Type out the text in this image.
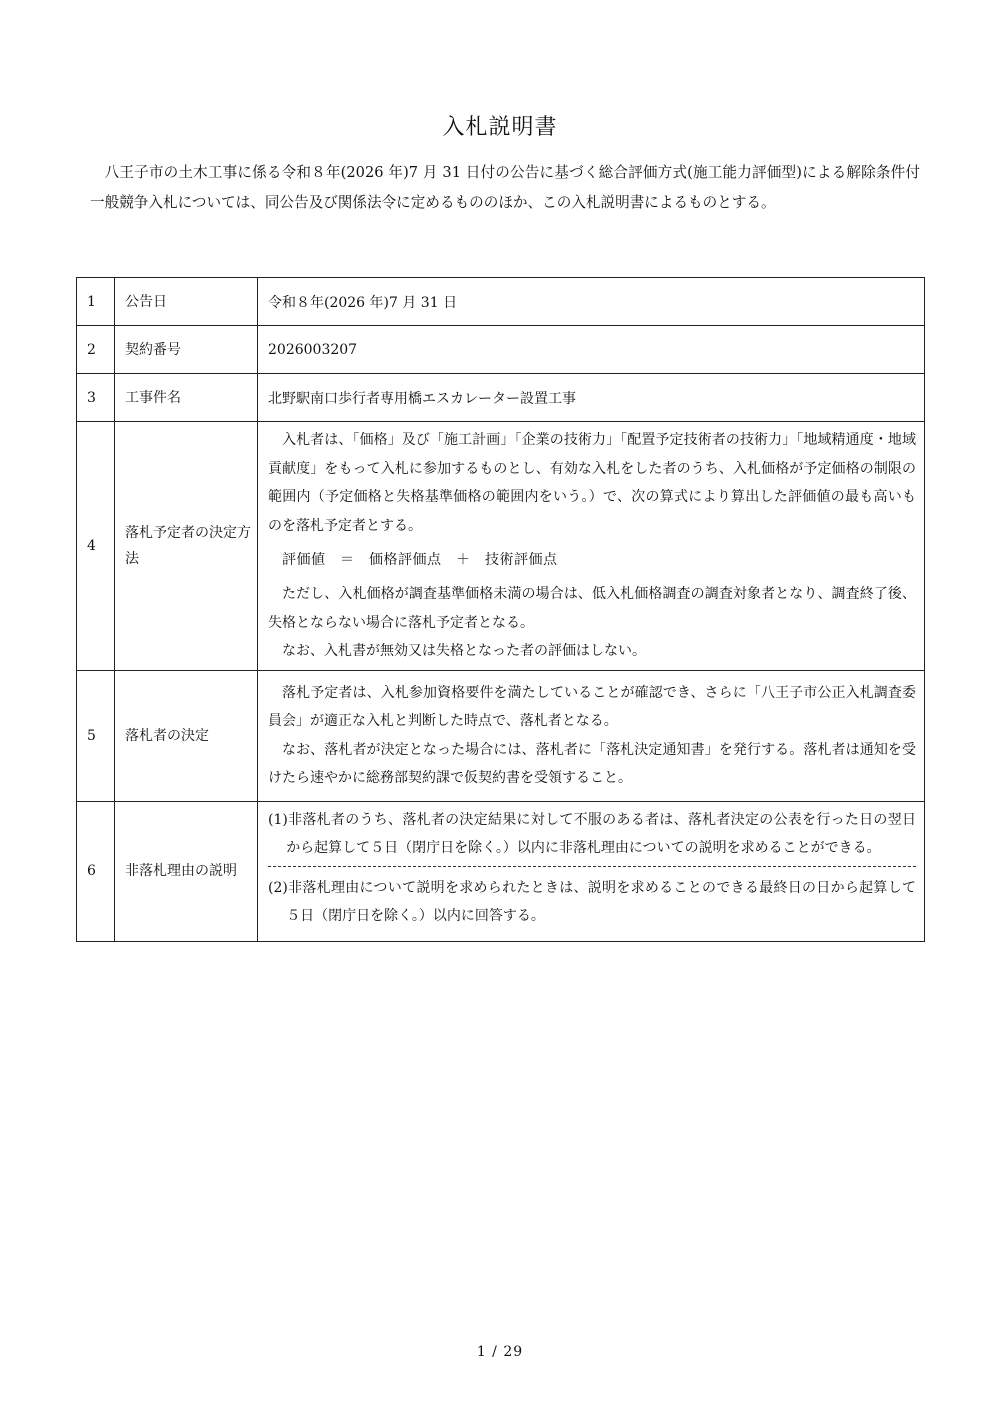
入札説明書
八王子市の土木工事に係る令和８年(2026 年)7 月 31 日付の公告に基づく総合評価方式(施工能力評価型)による解除条件付一般競争入札については、同公告及び関係法令に定めるもののほか、この入札説明書によるものとする。
1	公告日	令和８年(2026 年)7 月 31 日
2	契約番号	2026003207
3	工事件名	北野駅南口歩行者専用橋エスカレーター設置工事
4	落札予定者の決定方法	入札者は、「価格」及び「施工計画」「企業の技術力」「配置予定技術者の技術力」「地域精通度・地域貢献度」をもって入札に参加するものとし、有効な入札をした者のうち、入札価格が予定価格の制限の範囲内（予定価格と失格基準価格の範囲内をいう。）で、次の算式により算出した評価値の最も高いものを落札予定者とする。
評価値　＝　価格評価点　＋　技術評価点
ただし、入札価格が調査基準価格未満の場合は、低入札価格調査の調査対象者となり、調査終了後、失格とならない場合に落札予定者となる。
なお、入札書が無効又は失格となった者の評価はしない。

5	落札者の決定	落札予定者は、入札参加資格要件を満たしていることが確認でき、さらに「八王子市公正入札調査委員会」が適正な入札と判断した時点で、落札者となる。
なお、落札者が決定となった場合には、落札者に「落札決定通知書」を発行する。落札者は通知を受けたら速やかに総務部契約課で仮契約書を受領すること。

6	非落札理由の説明	(1)非落札者のうち、落札者の決定結果に対して不服のある者は、落札者決定の公表を行った日の翌日から起算して５日（閉庁日を除く。）以内に非落札理由についての説明を求めることができる。
(2)非落札理由について説明を求められたときは、説明を求めることのできる最終日の日から起算して５日（閉庁日を除く。）以内に回答する。
1 / 29
